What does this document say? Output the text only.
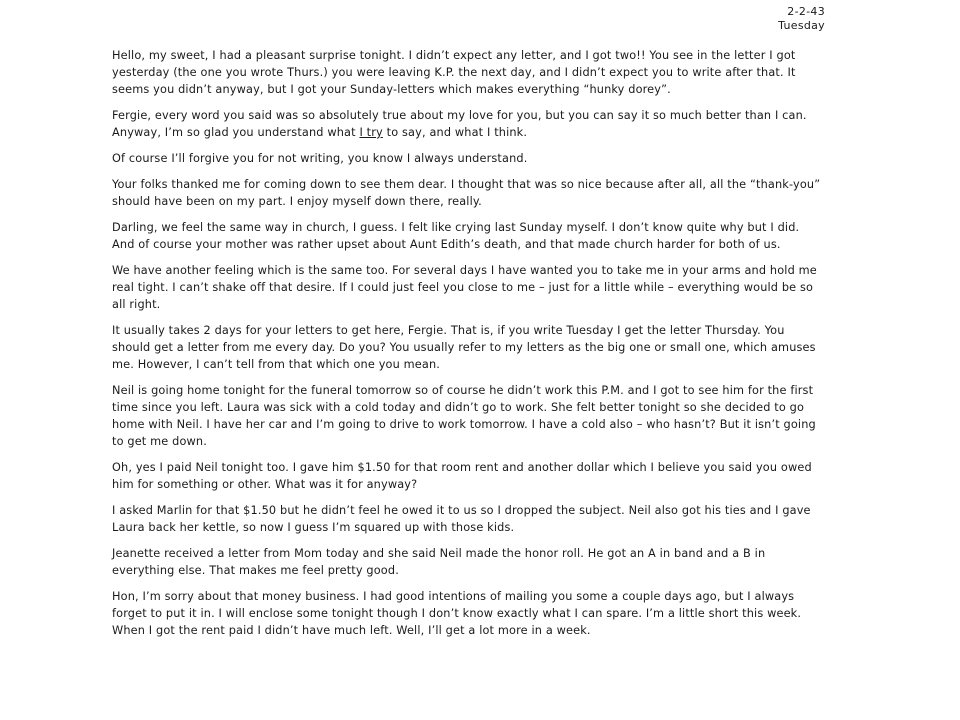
2-2-43
Tuesday

Hello, my sweet, I had a pleasant surprise tonight. I didn’t expect any letter, and I got two!! You see in the letter I got yesterday (the one you wrote Thurs.) you were leaving K.P. the next day, and I didn’t expect you to write after that. It seems you didn’t anyway, but I got your Sunday-letters which makes everything “hunky dorey”.

Fergie, every word you said was so absolutely true about my love for you, but you can say it so much better than I can. Anyway, I’m so glad you understand what I try to say, and what I think.

Of course I’ll forgive you for not writing, you know I always understand.

Your folks thanked me for coming down to see them dear. I thought that was so nice because after all, all the “thank-you” should have been on my part. I enjoy myself down there, really.

Darling, we feel the same way in church, I guess. I felt like crying last Sunday myself. I don’t know quite why but I did. And of course your mother was rather upset about Aunt Edith’s death, and that made church harder for both of us.

We have another feeling which is the same too. For several days I have wanted you to take me in your arms and hold me real tight. I can’t shake off that desire. If I could just feel you close to me – just for a little while – everything would be so all right.

It usually takes 2 days for your letters to get here, Fergie. That is, if you write Tuesday I get the letter Thursday. You should get a letter from me every day. Do you? You usually refer to my letters as the big one or small one, which amuses me. However, I can’t tell from that which one you mean.

Neil is going home tonight for the funeral tomorrow so of course he didn’t work this P.M. and I got to see him for the first time since you left. Laura was sick with a cold today and didn’t go to work. She felt better tonight so she decided to go home with Neil. I have her car and I’m going to drive to work tomorrow. I have a cold also – who hasn’t? But it isn’t going to get me down.

Oh, yes I paid Neil tonight too. I gave him $1.50 for that room rent and another dollar which I believe you said you owed him for something or other. What was it for anyway?

I asked Marlin for that $1.50 but he didn’t feel he owed it to us so I dropped the subject. Neil also got his ties and I gave Laura back her kettle, so now I guess I’m squared up with those kids.

Jeanette received a letter from Mom today and she said Neil made the honor roll. He got an A in band and a B in everything else. That makes me feel pretty good.

Hon, I’m sorry about that money business. I had good intentions of mailing you some a couple days ago, but I always forget to put it in. I will enclose some tonight though I don’t know exactly what I can spare. I’m a little short this week. When I got the rent paid I didn’t have much left. Well, I’ll get a lot more in a week.
